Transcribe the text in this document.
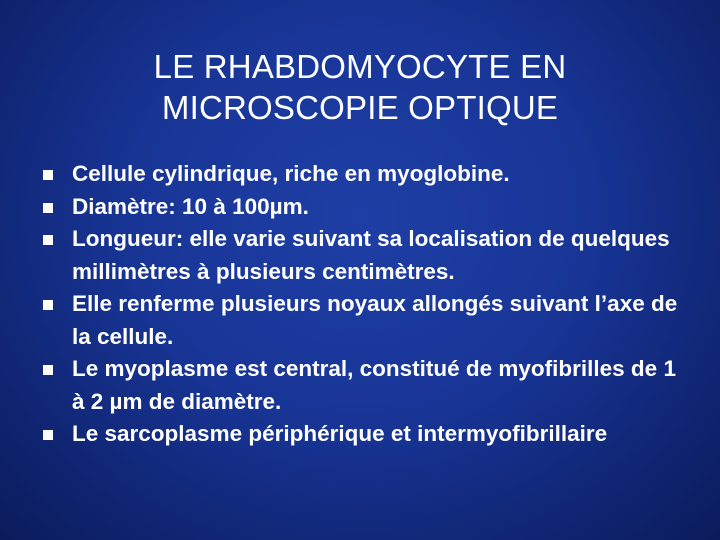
LE RHABDOMYOCYTE EN
MICROSCOPIE OPTIQUE
Cellule cylindrique, riche en myoglobine.
Diamètre: 10 à 100µm.
Longueur: elle varie suivant sa localisation de quelques millimètres à plusieurs centimètres.
Elle renferme plusieurs noyaux allongés suivant l’axe de la cellule.
Le myoplasme est central, constitué de myofibrilles de 1 à 2 µm de diamètre.
Le sarcoplasme périphérique et intermyofibrillaire
